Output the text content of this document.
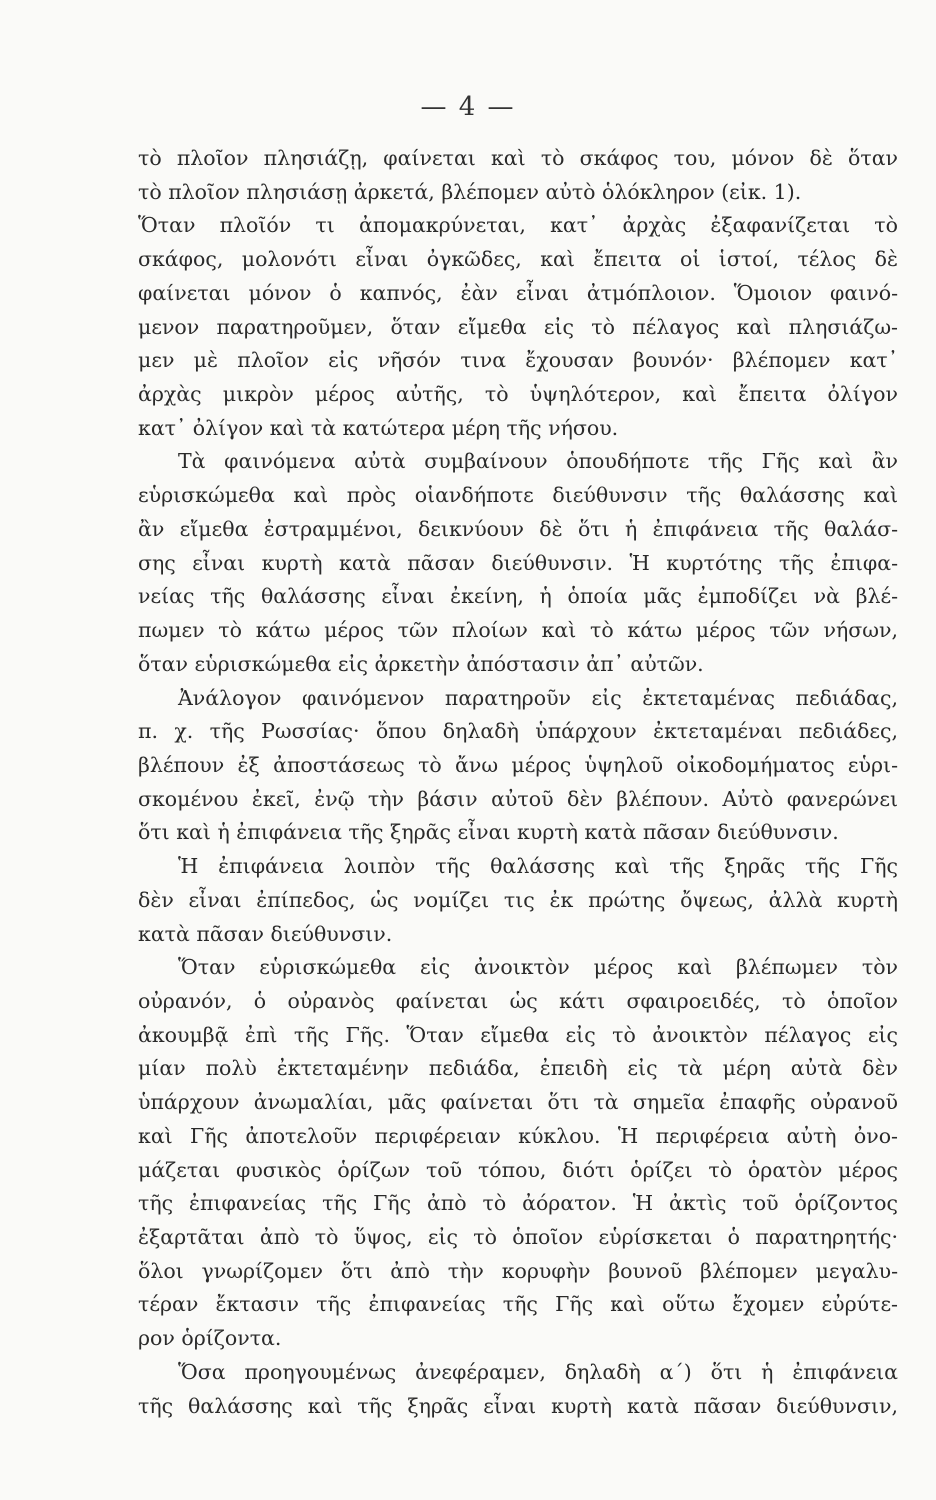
— 4 —
τὸ πλοῖον πλησιάζῃ, φαίνεται καὶ τὸ σκάφος του, μόνον δὲ ὅταν
τὸ πλοῖον πλησιάσῃ ἀρκετά, βλέπομεν αὐτὸ ὁλόκληρον (εἰκ. 1).
Ὅταν πλοῖόν τι ἀπομακρύνεται, κατ᾽ ἀρχὰς ἐξαφανίζεται τὸ
σκάφος, μολονότι εἶναι ὀγκῶδες, καὶ ἔπειτα οἱ ἱστοί, τέλος δὲ
φαίνεται μόνον ὁ καπνός, ἐὰν εἶναι ἀτμόπλοιον. Ὅμοιον φαινό-
μενον παρατηροῦμεν, ὅταν εἴμεθα εἰς τὸ πέλαγος καὶ πλησιάζω-
μεν μὲ πλοῖον εἰς νῆσόν τινα ἔχουσαν βουνόν· βλέπομεν κατ᾽
ἀρχὰς μικρὸν μέρος αὐτῆς, τὸ ὑψηλότερον, καὶ ἔπειτα ὀλίγον
κατ᾽ ὀλίγον καὶ τὰ κατώτερα μέρη τῆς νήσου.
Τὰ φαινόμενα αὐτὰ συμβαίνουν ὁπουδήποτε τῆς Γῆς καὶ ἂν
εὑρισκώμεθα καὶ πρὸς οἱανδήποτε διεύθυνσιν τῆς θαλάσσης καὶ
ἂν εἴμεθα ἐστραμμένοι, δεικνύουν δὲ ὅτι ἡ ἐπιφάνεια τῆς θαλάσ-
σης εἶναι κυρτὴ κατὰ πᾶσαν διεύθυνσιν. Ἡ κυρτότης τῆς ἐπιφα-
νείας τῆς θαλάσσης εἶναι ἐκείνη, ἡ ὁποία μᾶς ἐμποδίζει νὰ βλέ-
πωμεν τὸ κάτω μέρος τῶν πλοίων καὶ τὸ κάτω μέρος τῶν νήσων,
ὅταν εὑρισκώμεθα εἰς ἀρκετὴν ἀπόστασιν ἀπ᾽ αὐτῶν.
Ἀνάλογον φαινόμενον παρατηροῦν εἰς ἐκτεταμένας πεδιάδας,
π. χ. τῆς Ρωσσίας· ὅπου δηλαδὴ ὑπάρχουν ἐκτεταμέναι πεδιάδες,
βλέπουν ἐξ ἀποστάσεως τὸ ἄνω μέρος ὑψηλοῦ οἰκοδομήματος εὑρι-
σκομένου ἐκεῖ, ἐνῷ τὴν βάσιν αὐτοῦ δὲν βλέπουν. Αὐτὸ φανερώνει
ὅτι καὶ ἡ ἐπιφάνεια τῆς ξηρᾶς εἶναι κυρτὴ κατὰ πᾶσαν διεύθυνσιν.
Ἡ ἐπιφάνεια λοιπὸν τῆς θαλάσσης καὶ τῆς ξηρᾶς τῆς Γῆς
δὲν εἶναι ἐπίπεδος, ὡς νομίζει τις ἐκ πρώτης ὄψεως, ἀλλὰ κυρτὴ
κατὰ πᾶσαν διεύθυνσιν.
Ὅταν εὑρισκώμεθα εἰς ἀνοικτὸν μέρος καὶ βλέπωμεν τὸν
οὐρανόν, ὁ οὐρανὸς φαίνεται ὡς κάτι σφαιροειδές, τὸ ὁποῖον
ἀκουμβᾷ ἐπὶ τῆς Γῆς. Ὅταν εἴμεθα εἰς τὸ ἀνοικτὸν πέλαγος εἰς
μίαν πολὺ ἐκτεταμένην πεδιάδα, ἐπειδὴ εἰς τὰ μέρη αὐτὰ δὲν
ὑπάρχουν ἀνωμαλίαι, μᾶς φαίνεται ὅτι τὰ σημεῖα ἐπαφῆς οὐρανοῦ
καὶ Γῆς ἀποτελοῦν περιφέρειαν κύκλου. Ἡ περιφέρεια αὐτὴ ὀνο-
μάζεται φυσικὸς ὁρίζων τοῦ τόπου, διότι ὁρίζει τὸ ὁρατὸν μέρος
τῆς ἐπιφανείας τῆς Γῆς ἀπὸ τὸ ἀόρατον. Ἡ ἀκτὶς τοῦ ὁρίζοντος
ἐξαρτᾶται ἀπὸ τὸ ὕψος, εἰς τὸ ὁποῖον εὑρίσκεται ὁ παρατηρητής·
ὅλοι γνωρίζομεν ὅτι ἀπὸ τὴν κορυφὴν βουνοῦ βλέπομεν μεγαλυ-
τέραν ἔκτασιν τῆς ἐπιφανείας τῆς Γῆς καὶ οὕτω ἔχομεν εὐρύτε-
ρον ὁρίζοντα.
Ὅσα προηγουμένως ἀνεφέραμεν, δηλαδὴ α´) ὅτι ἡ ἐπιφάνεια
τῆς θαλάσσης καὶ τῆς ξηρᾶς εἶναι κυρτὴ κατὰ πᾶσαν διεύθυνσιν,
